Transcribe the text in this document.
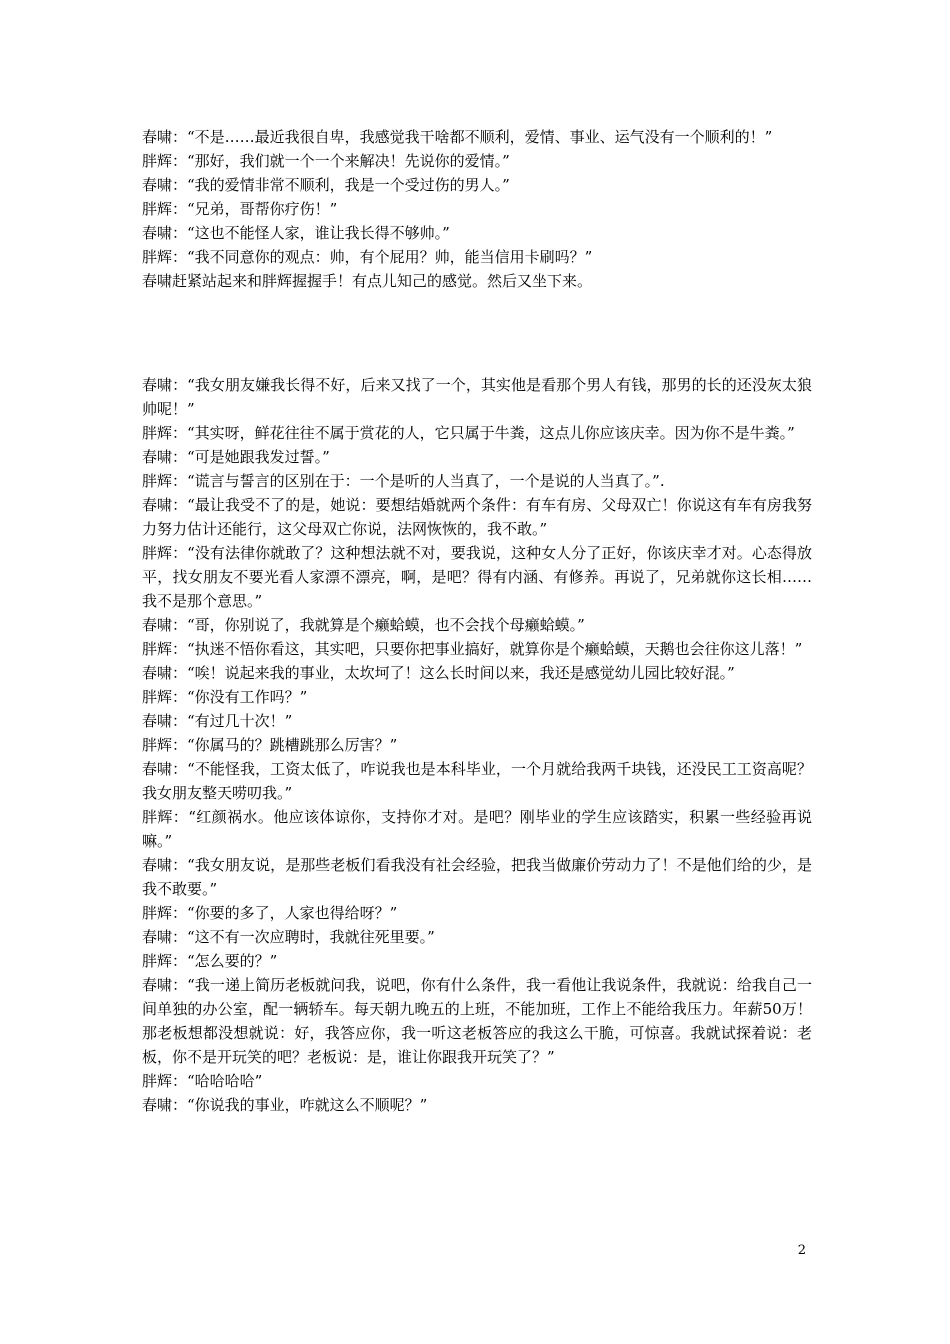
春啸：“不是……最近我很自卑，我感觉我干啥都不顺利，爱情、事业、运气没有一个顺利的！”

胖辉：“那好，我们就一个一个来解决！先说你的爱情。”

春啸：“我的爱情非常不顺利，我是一个受过伤的男人。”

胖辉：“兄弟，哥帮你疗伤！”

春啸：“这也不能怪人家，谁让我长得不够帅。”

胖辉：“我不同意你的观点：帅，有个屁用？帅，能当信用卡刷吗？”

春啸赶紧站起来和胖辉握握手！有点儿知己的感觉。然后又坐下来。

春啸：“我女朋友嫌我长得不好，后来又找了一个，其实他是看那个男人有钱，那男的长的还没灰太狼帅呢！”

胖辉：“其实呀，鲜花往往不属于赏花的人，它只属于牛粪，这点儿你应该庆幸。因为你不是牛粪。”

春啸：“可是她跟我发过誓。”

胖辉：“谎言与誓言的区别在于：一个是听的人当真了，一个是说的人当真了。”.

春啸：“最让我受不了的是，她说：要想结婚就两个条件：有车有房、父母双亡！你说这有车有房我努力努力估计还能行，这父母双亡你说，法网恢恢的，我不敢。”

胖辉：“没有法律你就敢了？这种想法就不对，要我说，这种女人分了正好，你该庆幸才对。心态得放平，找女朋友不要光看人家漂不漂亮，啊，是吧？得有内涵、有修养。再说了，兄弟就你这长相……我不是那个意思。”

春啸：“哥，你别说了，我就算是个癞蛤蟆，也不会找个母癞蛤蟆。”

胖辉：“执迷不悟你看这，其实吧，只要你把事业搞好，就算你是个癞蛤蟆，天鹅也会往你这儿落！”

春啸：“唉！说起来我的事业，太坎坷了！这么长时间以来，我还是感觉幼儿园比较好混。”

胖辉：“你没有工作吗？”

春啸：“有过几十次！”

胖辉：“你属马的？跳槽跳那么厉害？”

春啸：“不能怪我，工资太低了，咋说我也是本科毕业，一个月就给我两千块钱，还没民工工资高呢？我女朋友整天唠叨我。”

胖辉：“红颜祸水。他应该体谅你，支持你才对。是吧？刚毕业的学生应该踏实，积累一些经验再说嘛。”

春啸：“我女朋友说，是那些老板们看我没有社会经验，把我当做廉价劳动力了！不是他们给的少，是我不敢要。”

胖辉：“你要的多了，人家也得给呀？”

春啸：“这不有一次应聘时，我就往死里要。”

胖辉：“怎么要的？”

春啸：“我一递上简历老板就问我，说吧，你有什么条件，我一看他让我说条件，我就说：给我自己一间单独的办公室，配一辆轿车。每天朝九晚五的上班，不能加班，工作上不能给我压力。年薪50万！那老板想都没想就说：好，我答应你，我一听这老板答应的我这么干脆，可惊喜。我就试探着说：老板，你不是开玩笑的吧？老板说：是，谁让你跟我开玩笑了？”

胖辉：“哈哈哈哈”

春啸：“你说我的事业，咋就这么不顺呢？”

2
